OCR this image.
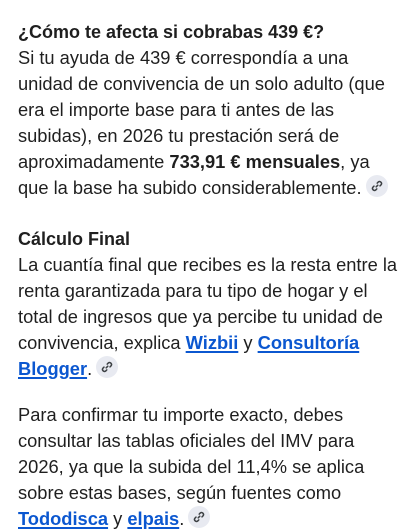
¿Cómo te afecta si cobrabas 439 €?

Si tu ayuda de 439 € correspondía a una unidad de convivencia de un solo adulto (que era el importe base para ti antes de las subidas), en 2026 tu prestación será de aproximadamente 733,91 € mensuales, ya que la base ha subido considerablemente.

Cálculo Final

La cuantía final que recibes es la resta entre la renta garantizada para tu tipo de hogar y el total de ingresos que ya percibe tu unidad de convivencia, explica Wizbii y Consultoría Blogger.

Para confirmar tu importe exacto, debes consultar las tablas oficiales del IMV para 2026, ya que la subida del 11,4% se aplica sobre estas bases, según fuentes como Tododisca y elpais.
